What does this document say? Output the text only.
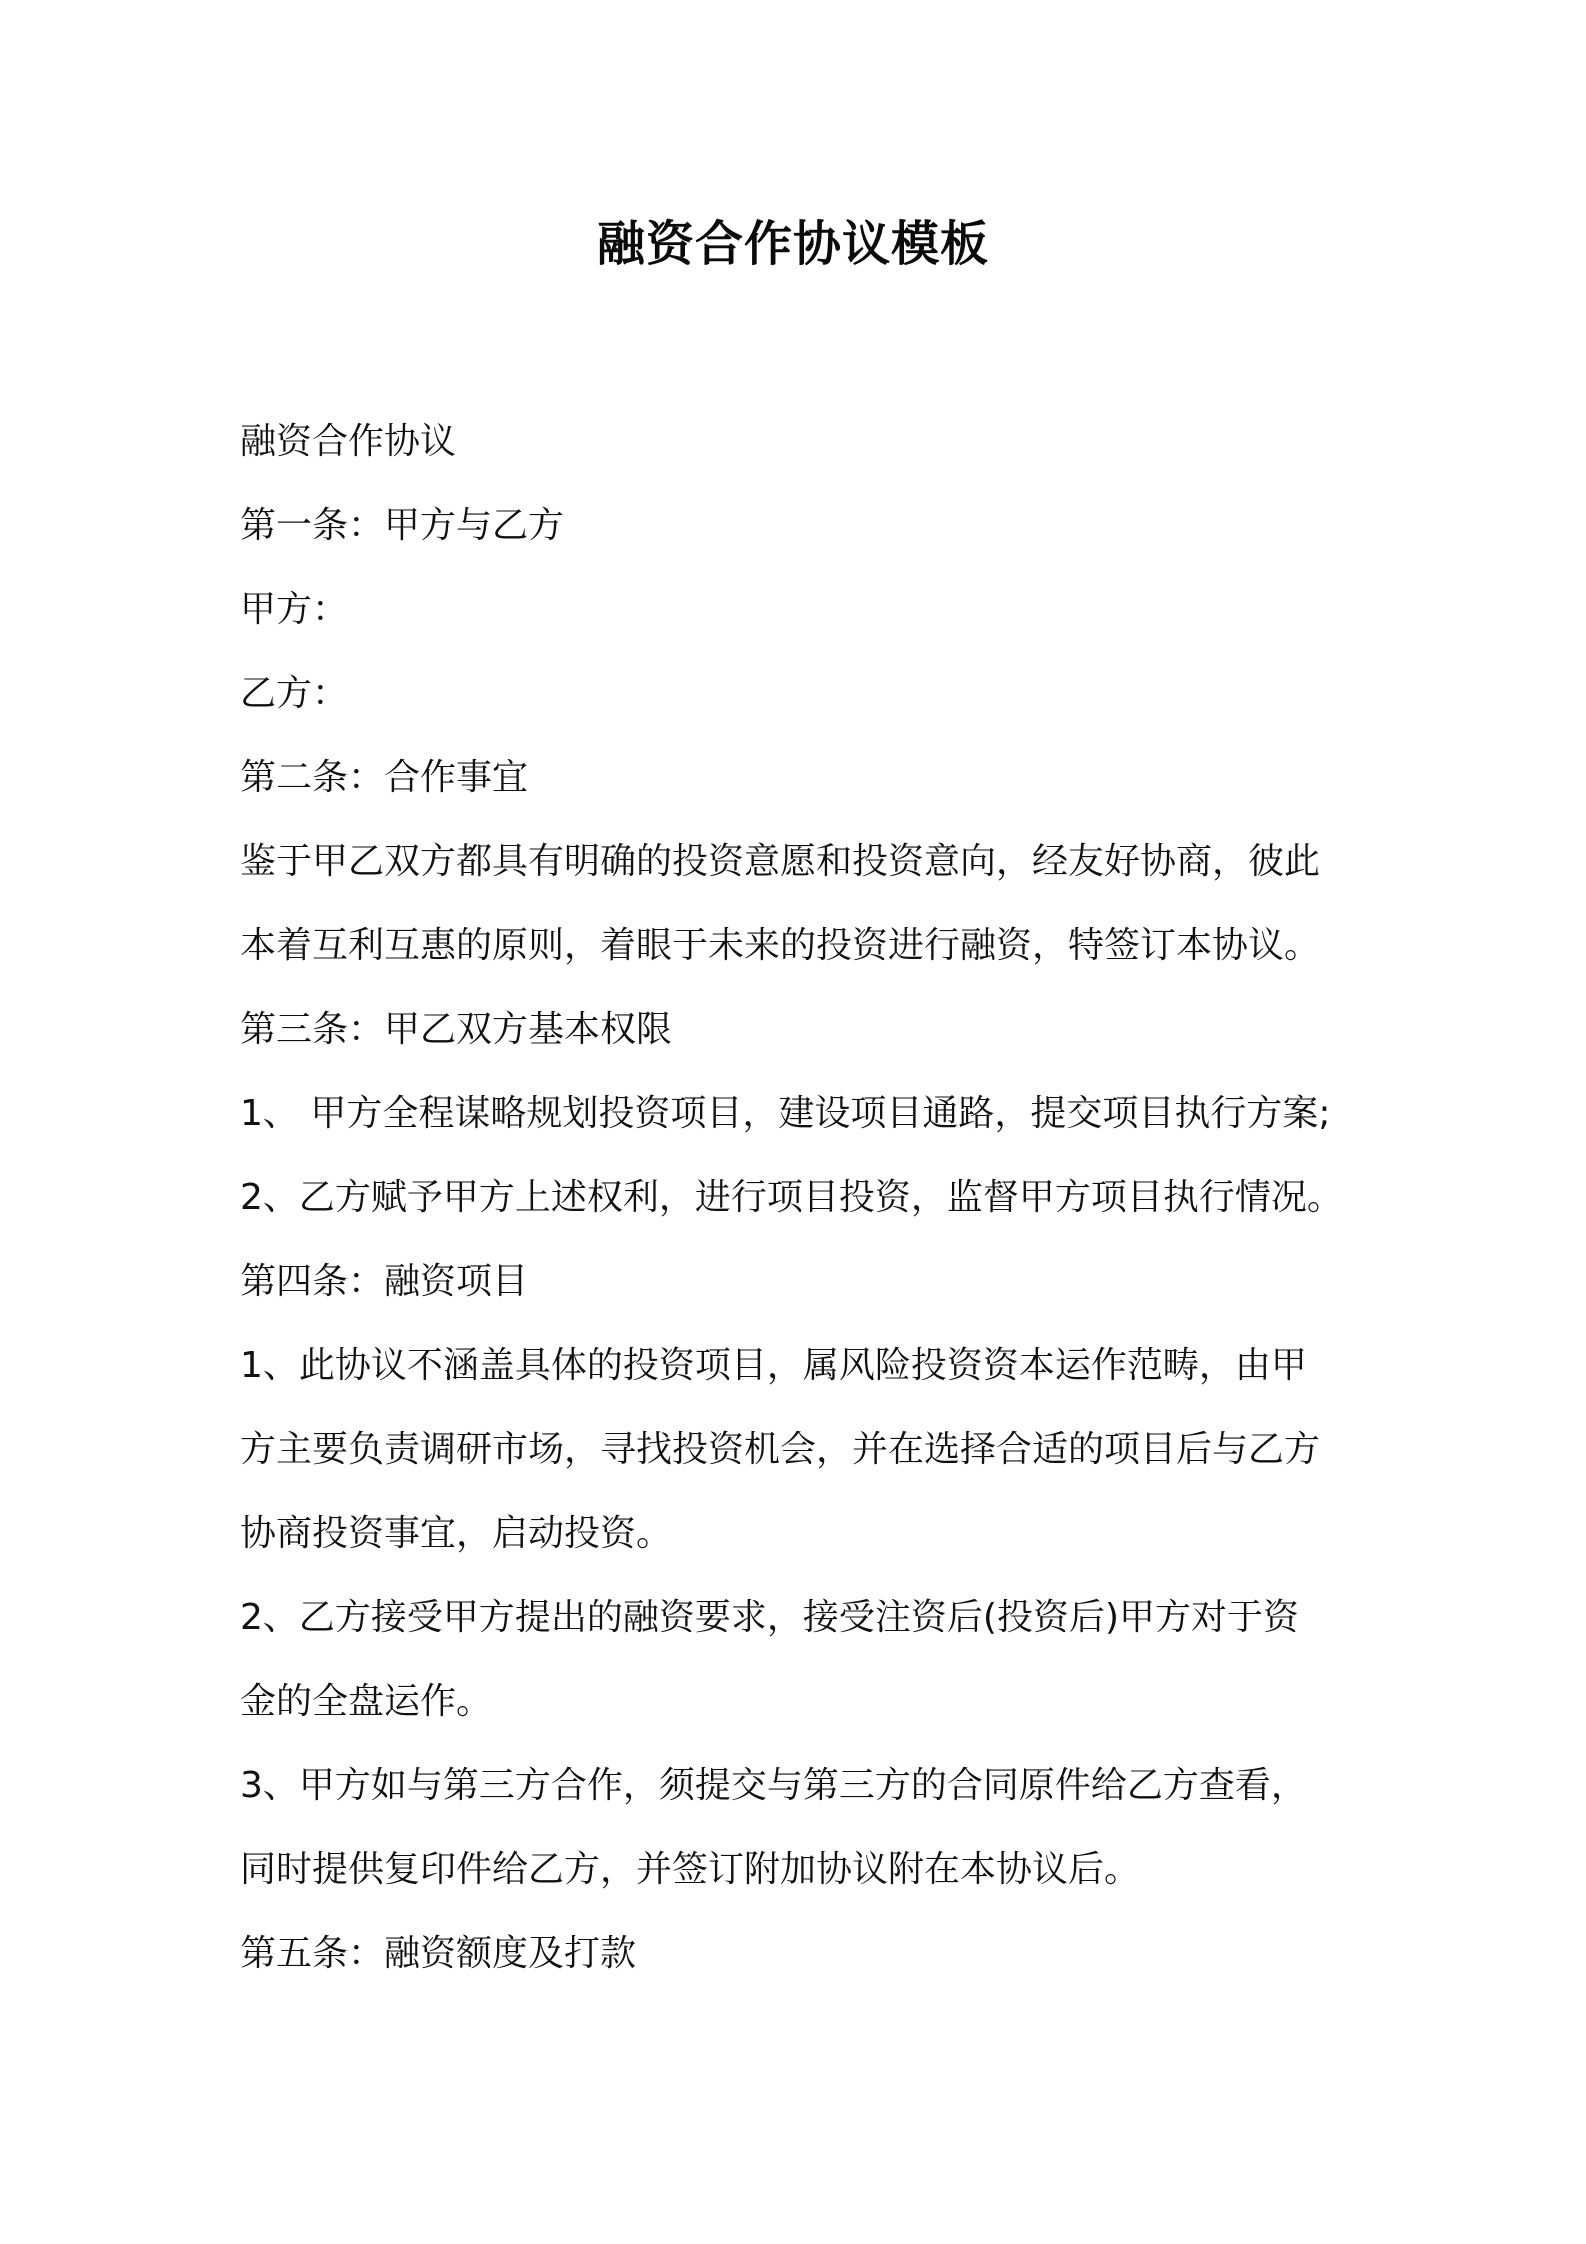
融资合作协议模板
融资合作协议
第一条：甲方与乙方
甲方：
乙方：
第二条：合作事宜
鉴于甲乙双方都具有明确的投资意愿和投资意向，经友好协商，彼此
本着互利互惠的原则，着眼于未来的投资进行融资，特签订本协议。
第三条：甲乙双方基本权限
1、 甲方全程谋略规划投资项目，建设项目通路，提交项目执行方案;
2、乙方赋予甲方上述权利，进行项目投资，监督甲方项目执行情况。
第四条：融资项目
1、此协议不涵盖具体的投资项目，属风险投资资本运作范畴，由甲
方主要负责调研市场，寻找投资机会，并在选择合适的项目后与乙方
协商投资事宜，启动投资。
2、乙方接受甲方提出的融资要求，接受注资后(投资后)甲方对于资
金的全盘运作。
3、甲方如与第三方合作，须提交与第三方的合同原件给乙方查看，
同时提供复印件给乙方，并签订附加协议附在本协议后。
第五条：融资额度及打款
